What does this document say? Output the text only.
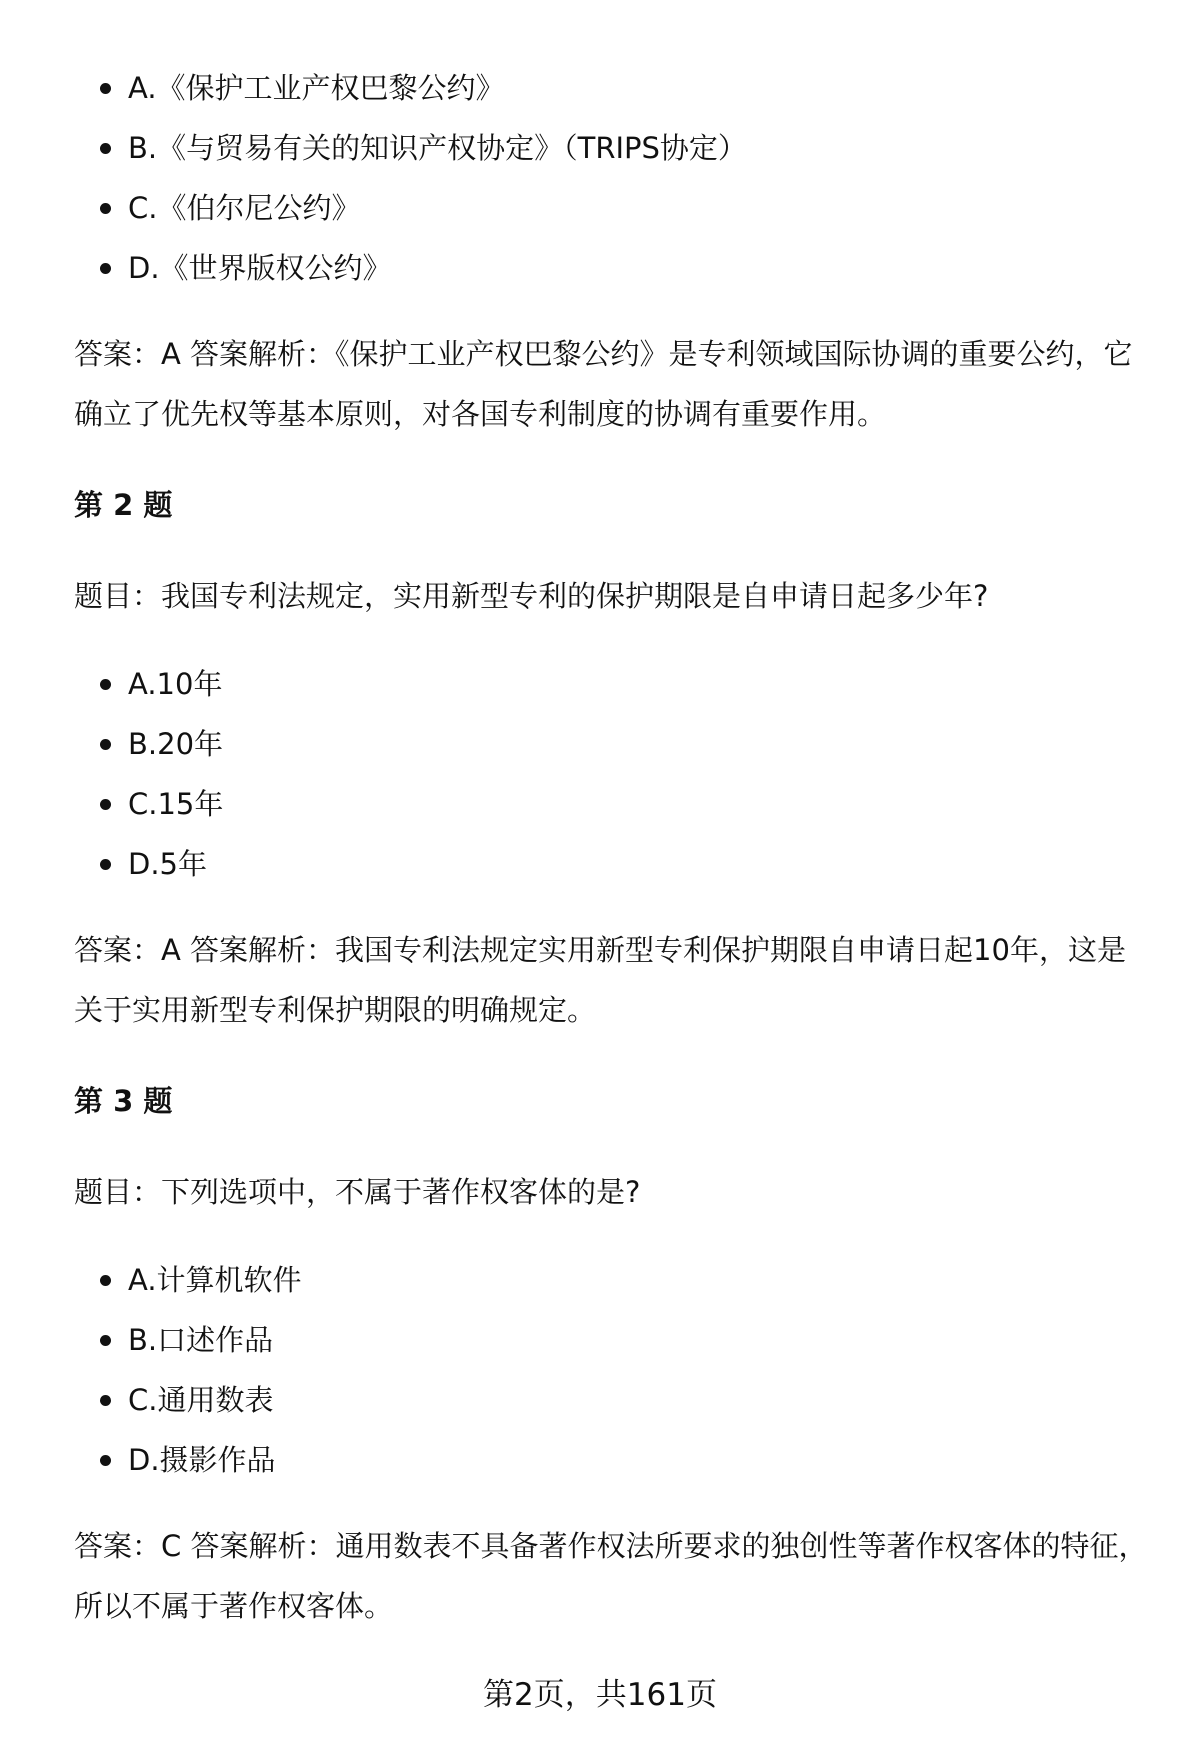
A.《保护工业产权巴黎公约》
B.《与贸易有关的知识产权协定》（TRIPS协定）
C.《伯尔尼公约》
D.《世界版权公约》

答案：A 答案解析：《保护工业产权巴黎公约》是专利领域国际协调的重要公约，它确立了优先权等基本原则，对各国专利制度的协调有重要作用。

第 2 题

题目：我国专利法规定，实用新型专利的保护期限是自申请日起多少年?

A.10年
B.20年
C.15年
D.5年

答案：A 答案解析：我国专利法规定实用新型专利保护期限自申请日起10年，这是关于实用新型专利保护期限的明确规定。

第 3 题

题目：下列选项中，不属于著作权客体的是?

A.计算机软件
B.口述作品
C.通用数表
D.摄影作品

答案：C 答案解析：通用数表不具备著作权法所要求的独创性等著作权客体的特征，所以不属于著作权客体。

第2页，共161页
